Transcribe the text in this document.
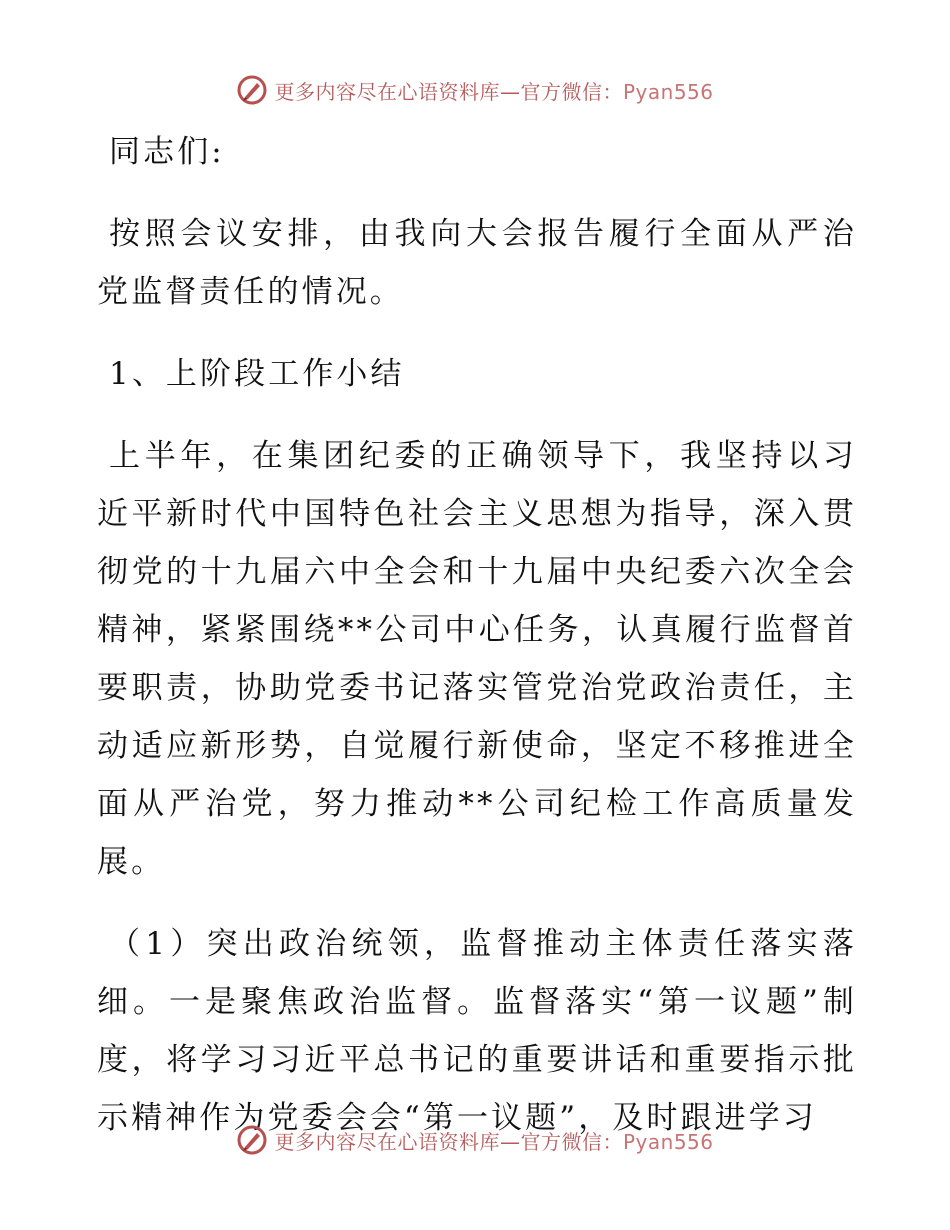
更多内容尽在心语资料库—官方微信：Pyan556

同志们:

按照会议安排，由我向大会报告履行全面从严治党监督责任的情况。

1、上阶段工作小结

上半年，在集团纪委的正确领导下，我坚持以习近平新时代中国特色社会主义思想为指导，深入贯彻党的十九届六中全会和十九届中央纪委六次全会精神，紧紧围绕**公司中心任务，认真履行监督首要职责，协助党委书记落实管党治党政治责任，主动适应新形势，自觉履行新使命，坚定不移推进全面从严治党，努力推动**公司纪检工作高质量发展。

（1）突出政治统领，监督推动主体责任落实落细。一是聚焦政治监督。监督落实“第一议题”制度，将学习习近平总书记的重要讲话和重要指示批示精神作为党委会会“第一议题”，及时跟进学习

更多内容尽在心语资料库—官方微信：Pyan556
